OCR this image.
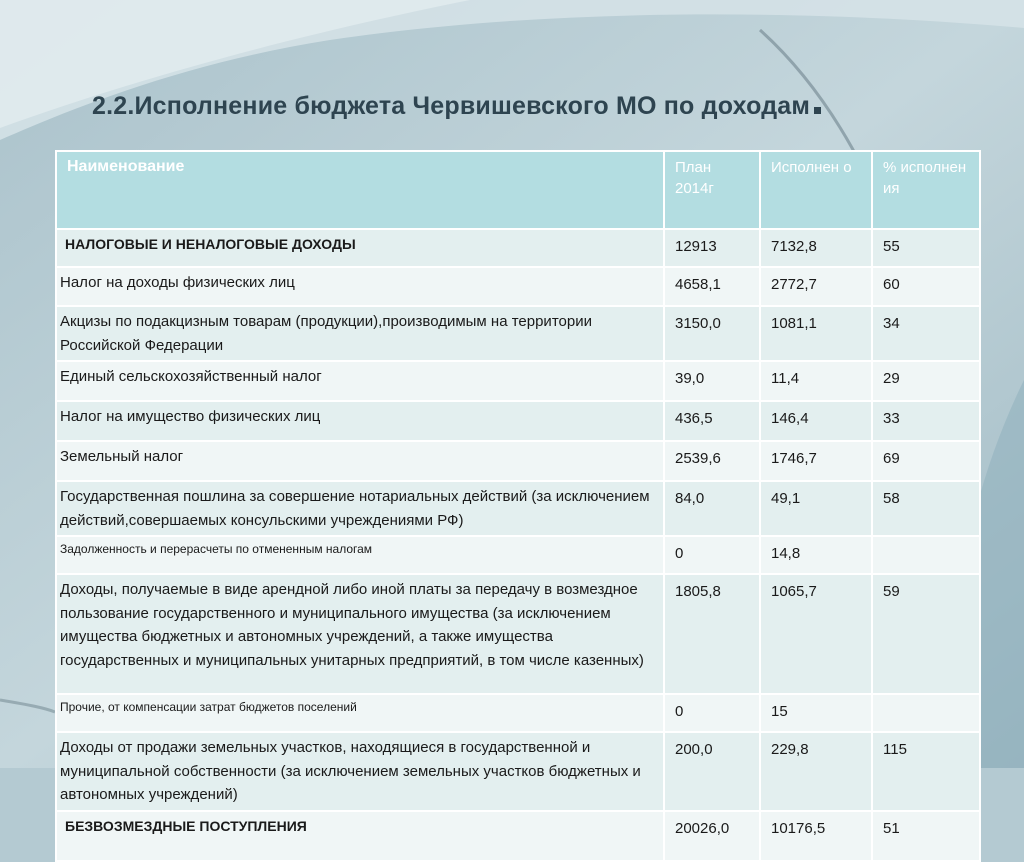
2.2.Исполнение бюджета Червишевского МО по доходам
Наименование	План 2014г	Исполнен о	% исполнен ия
НАЛОГОВЫЕ И НЕНАЛОГОВЫЕ ДОХОДЫ	12913	7132,8	55
Налог на доходы физических лиц	4658,1	2772,7	60
Акцизы по подакцизным товарам (продукции),производимым на территории Российской Федерации	3150,0	1081,1	34
Единый сельскохозяйственный налог	39,0	11,4	29
Налог на имущество физических лиц	436,5	146,4	33
Земельный налог	2539,6	1746,7	69
Государственная пошлина за совершение нотариальных действий (за исключением действий,совершаемых консульскими учреждениями РФ)	84,0	49,1	58
Задолженность и перерасчеты по отмененным налогам	0	14,8	
Доходы, получаемые в виде арендной либо иной платы за передачу в возмездное пользование государственного и муниципального имущества (за исключением имущества бюджетных и автономных учреждений, а также имущества государственных и муниципальных унитарных предприятий, в том числе казенных)	1805,8	1065,7	59
Прочие, от компенсации затрат бюджетов поселений	0	15	
Доходы от продажи земельных участков, находящиеся в государственной и муниципальной собственности (за исключением земельных участков бюджетных и автономных учреждений)	200,0	229,8	115
БЕЗВОЗМЕЗДНЫЕ ПОСТУПЛЕНИЯ	20026,0	10176,5	51
